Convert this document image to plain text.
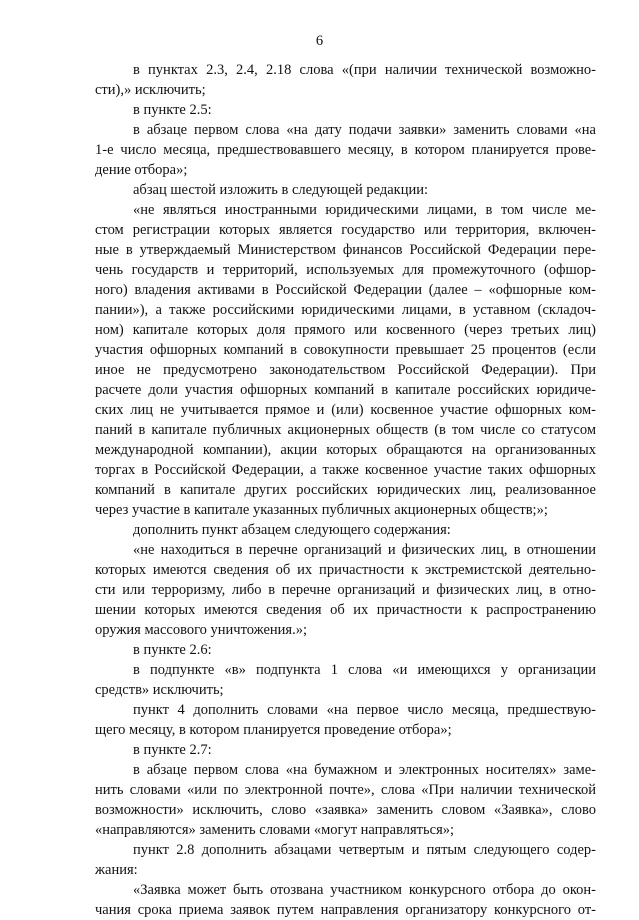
6
в пунктах 2.3, 2.4, 2.18 слова «(при наличии технической возможно-
сти),» исключить;
в пункте 2.5:
в абзаце первом слова «на дату подачи заявки» заменить словами «на
1-е число месяца, предшествовавшего месяцу, в котором планируется прове-
дение отбора»;
абзац шестой изложить в следующей редакции:
«не являться иностранными юридическими лицами, в том числе ме-
стом регистрации которых является государство или территория, включен-
ные в утверждаемый Министерством финансов Российской Федерации пере-
чень государств и территорий, используемых для промежуточного (офшор-
ного) владения активами в Российской Федерации (далее – «офшорные ком-
пании»), а также российскими юридическими лицами, в уставном (складоч-
ном) капитале которых доля прямого или косвенного (через третьих лиц)
участия офшорных компаний в совокупности превышает 25 процентов (если
иное не предусмотрено законодательством Российской Федерации). При
расчете доли участия офшорных компаний в капитале российских юридиче-
ских лиц не учитывается прямое и (или) косвенное участие офшорных ком-
паний в капитале публичных акционерных обществ (в том числе со статусом
международной компании), акции которых обращаются на организованных
торгах в Российской Федерации, а также косвенное участие таких офшорных
компаний в капитале других российских юридических лиц, реализованное
через участие в капитале указанных публичных акционерных обществ;»;
дополнить пункт абзацем следующего содержания:
«не находиться в перечне организаций и физических лиц, в отношении
которых имеются сведения об их причастности к экстремистской деятельно-
сти или терроризму, либо в перечне организаций и физических лиц, в отно-
шении которых имеются сведения об их причастности к распространению
оружия массового уничтожения.»;
в пункте 2.6:
в подпункте «в» подпункта 1 слова «и имеющихся у организации
средств» исключить;
пункт 4 дополнить словами «на первое число месяца, предшествую-
щего месяцу, в котором планируется проведение отбора»;
в пункте 2.7:
в абзаце первом слова «на бумажном и электронных носителях» заме-
нить словами «или по электронной почте», слова «При наличии технической
возможности» исключить, слово «заявка» заменить словом «Заявка», слово
«направляются» заменить словами «могут направляться»;
пункт 2.8 дополнить абзацами четвертым и пятым следующего содер-
жания:
«Заявка может быть отозвана участником конкурсного отбора до окон-
чания срока приема заявок путем направления организатору конкурсного от-
